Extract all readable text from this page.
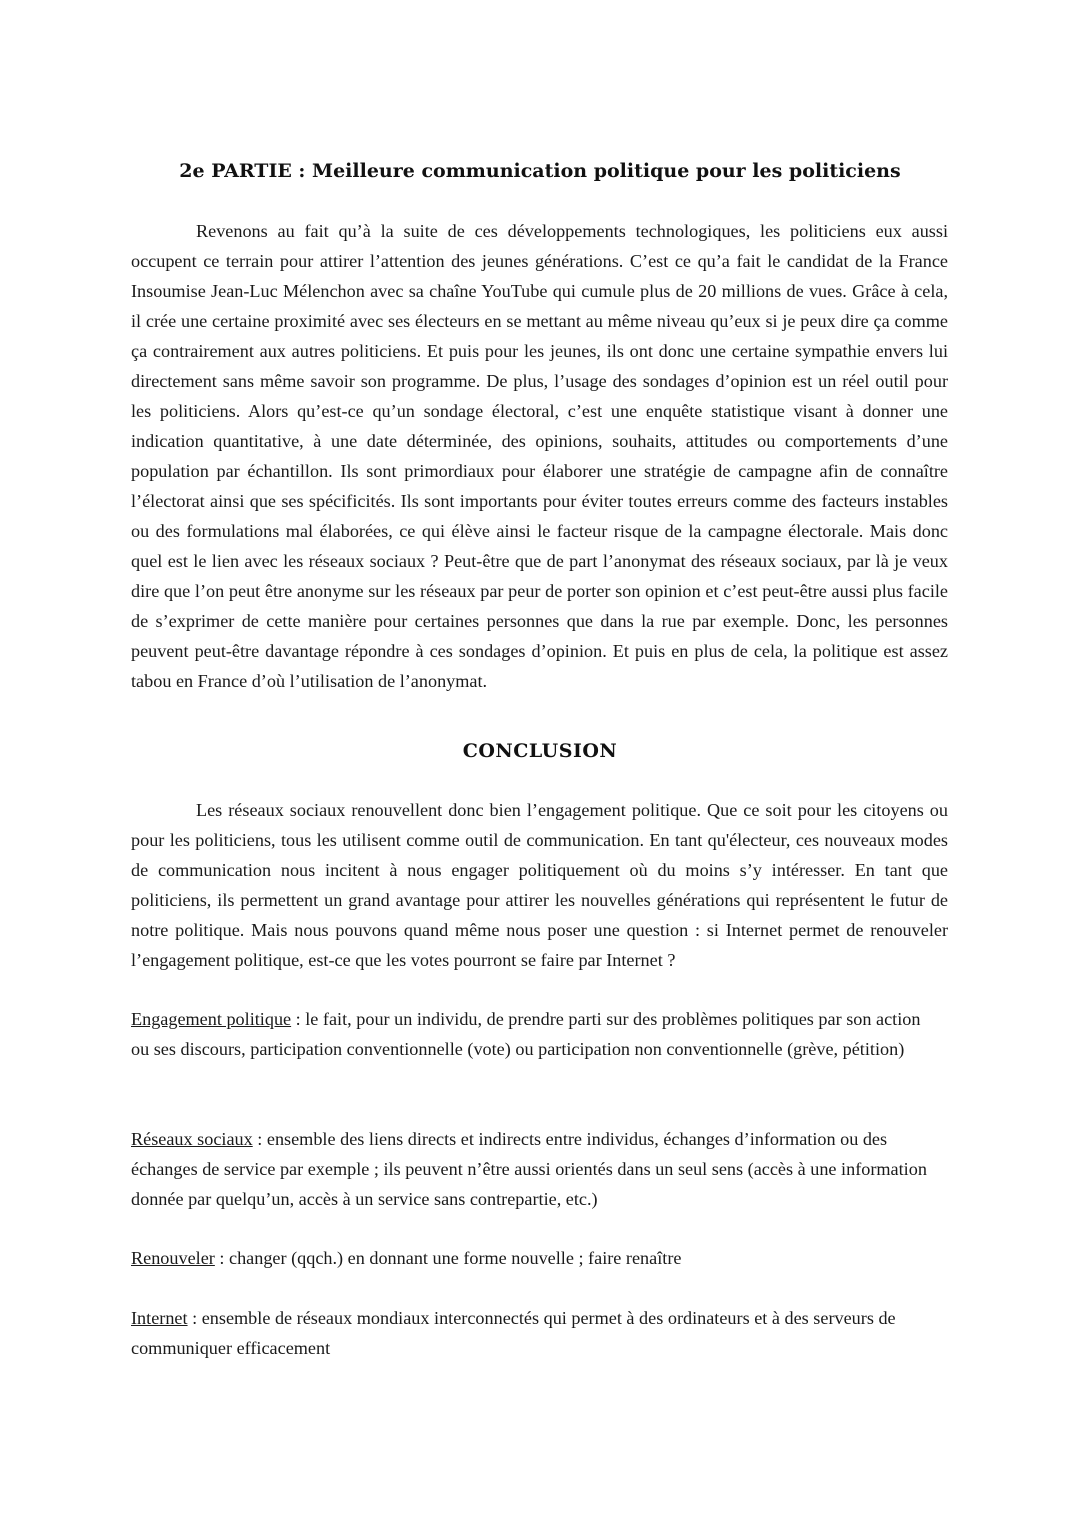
2e PARTIE : Meilleure communication politique pour les politiciens

Revenons au fait qu’à la suite de ces développements technologiques, les politiciens eux aussi occupent ce terrain pour attirer l’attention des jeunes générations. C’est ce qu’a fait le candidat de la France Insoumise Jean-Luc Mélenchon avec sa chaîne YouTube qui cumule plus de 20 millions de vues. Grâce à cela, il crée une certaine proximité avec ses électeurs en se mettant au même niveau qu’eux si je peux dire ça comme ça contrairement aux autres politiciens. Et puis pour les jeunes, ils ont donc une certaine sympathie envers lui directement sans même savoir son programme. De plus, l’usage des sondages d’opinion est un réel outil pour les politiciens. Alors qu’est-ce qu’un sondage électoral, c’est une enquête statistique visant à donner une indication quantitative, à une date déterminée, des opinions, souhaits, attitudes ou comportements d’une population par échantillon. Ils sont primordiaux pour élaborer une stratégie de campagne afin de connaître l’électorat ainsi que ses spécificités. Ils sont importants pour éviter toutes erreurs comme des facteurs instables ou des formulations mal élaborées, ce qui élève ainsi le facteur risque de la campagne électorale. Mais donc quel est le lien avec les réseaux sociaux ? Peut-être que de part l’anonymat des réseaux sociaux, par là je veux dire que l’on peut être anonyme sur les réseaux par peur de porter son opinion et c’est peut-être aussi plus facile de s’exprimer de cette manière pour certaines personnes que dans la rue par exemple. Donc, les personnes peuvent peut-être davantage répondre à ces sondages d’opinion. Et puis en plus de cela, la politique est assez tabou en France d’où l’utilisation de l’anonymat.

CONCLUSION

Les réseaux sociaux renouvellent donc bien l’engagement politique. Que ce soit pour les citoyens ou pour les politiciens, tous les utilisent comme outil de communication. En tant qu'électeur, ces nouveaux modes de communication nous incitent à nous engager politiquement où du moins s’y intéresser. En tant que politiciens, ils permettent un grand avantage pour attirer les nouvelles générations qui représentent le futur de notre politique. Mais nous pouvons quand même nous poser une question : si Internet permet de renouveler l’engagement politique, est-ce que les votes pourront se faire par Internet ?

Engagement politique : le fait, pour un individu, de prendre parti sur des problèmes politiques par son action ou ses discours, participation conventionnelle (vote) ou participation non conventionnelle (grève, pétition)

Réseaux sociaux : ensemble des liens directs et indirects entre individus, échanges d’information ou des échanges de service par exemple ; ils peuvent n’être aussi orientés dans un seul sens (accès à une information donnée par quelqu’un, accès à un service sans contrepartie, etc.)

Renouveler : changer (qqch.) en donnant une forme nouvelle ; faire renaître

Internet : ensemble de réseaux mondiaux interconnectés qui permet à des ordinateurs et à des serveurs de communiquer efficacement
